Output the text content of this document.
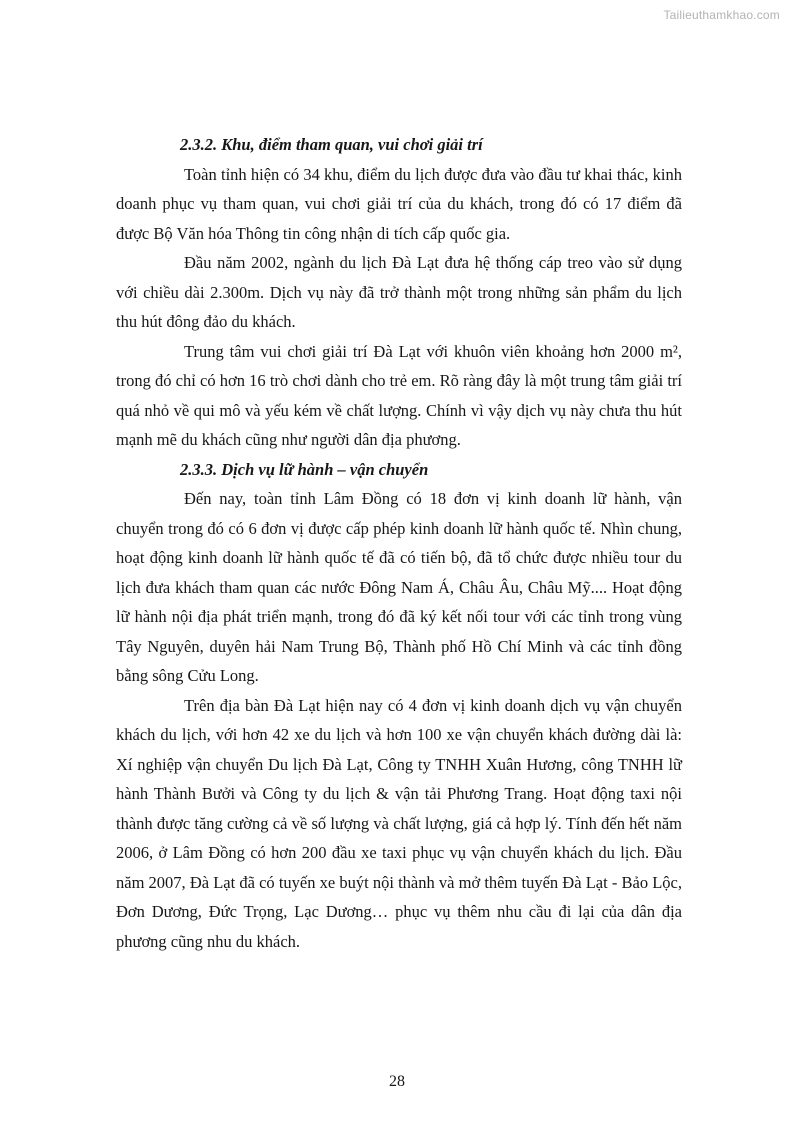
Tailieuthamkhao.com
2.3.2. Khu, điểm tham quan, vui chơi giải trí

Toàn tỉnh hiện có 34 khu, điểm du lịch được đưa vào đầu tư khai thác, kinh doanh phục vụ tham quan, vui chơi giải trí của du khách, trong đó có 17 điểm đã được Bộ Văn hóa Thông tin công nhận di tích cấp quốc gia.

Đầu năm 2002, ngành du lịch Đà Lạt đưa hệ thống cáp treo vào sử dụng với chiều dài 2.300m. Dịch vụ này đã trở thành một trong những sản phẩm du lịch thu hút đông đảo du khách.

Trung tâm vui chơi giải trí Đà Lạt với khuôn viên khoảng hơn 2000 m², trong đó chỉ có hơn 16 trò chơi dành cho trẻ em. Rõ ràng đây là một trung tâm giải trí quá nhỏ về qui mô và yếu kém về chất lượng. Chính vì vậy dịch vụ này chưa thu hút mạnh mẽ du khách cũng như người dân địa phương.

2.3.3. Dịch vụ lữ hành – vận chuyển

Đến nay, toàn tỉnh Lâm Đồng có 18 đơn vị kinh doanh lữ hành, vận chuyển trong đó có 6 đơn vị được cấp phép kinh doanh lữ hành quốc tế. Nhìn chung, hoạt động kinh doanh lữ hành quốc tế đã có tiến bộ, đã tổ chức được nhiều tour du lịch đưa khách tham quan các nước Đông Nam Á, Châu Âu, Châu Mỹ.... Hoạt động lữ hành nội địa phát triển mạnh, trong đó đã ký kết nối tour với các tỉnh trong vùng Tây Nguyên, duyên hải Nam Trung Bộ, Thành phố Hồ Chí Minh và các tỉnh đồng bằng sông Cửu Long.

Trên địa bàn Đà Lạt hiện nay có 4 đơn vị kinh doanh dịch vụ vận chuyển khách du lịch, với hơn 42 xe du lịch và hơn 100 xe vận chuyển khách đường dài là: Xí nghiệp vận chuyển Du lịch Đà Lạt, Công ty TNHH Xuân Hương, công TNHH lữ hành Thành Bưởi và Công ty du lịch & vận tải Phương Trang. Hoạt động taxi nội thành được tăng cường cả về số lượng và chất lượng, giá cả hợp lý. Tính đến hết năm 2006, ở Lâm Đồng có hơn 200 đầu xe taxi phục vụ vận chuyển khách du lịch. Đầu năm 2007, Đà Lạt đã có tuyến xe buýt nội thành và mở thêm tuyến Đà Lạt - Bảo Lộc, Đơn Dương, Đức Trọng, Lạc Dương… phục vụ thêm nhu cầu đi lại của dân địa phương cũng nhu du khách.

28
